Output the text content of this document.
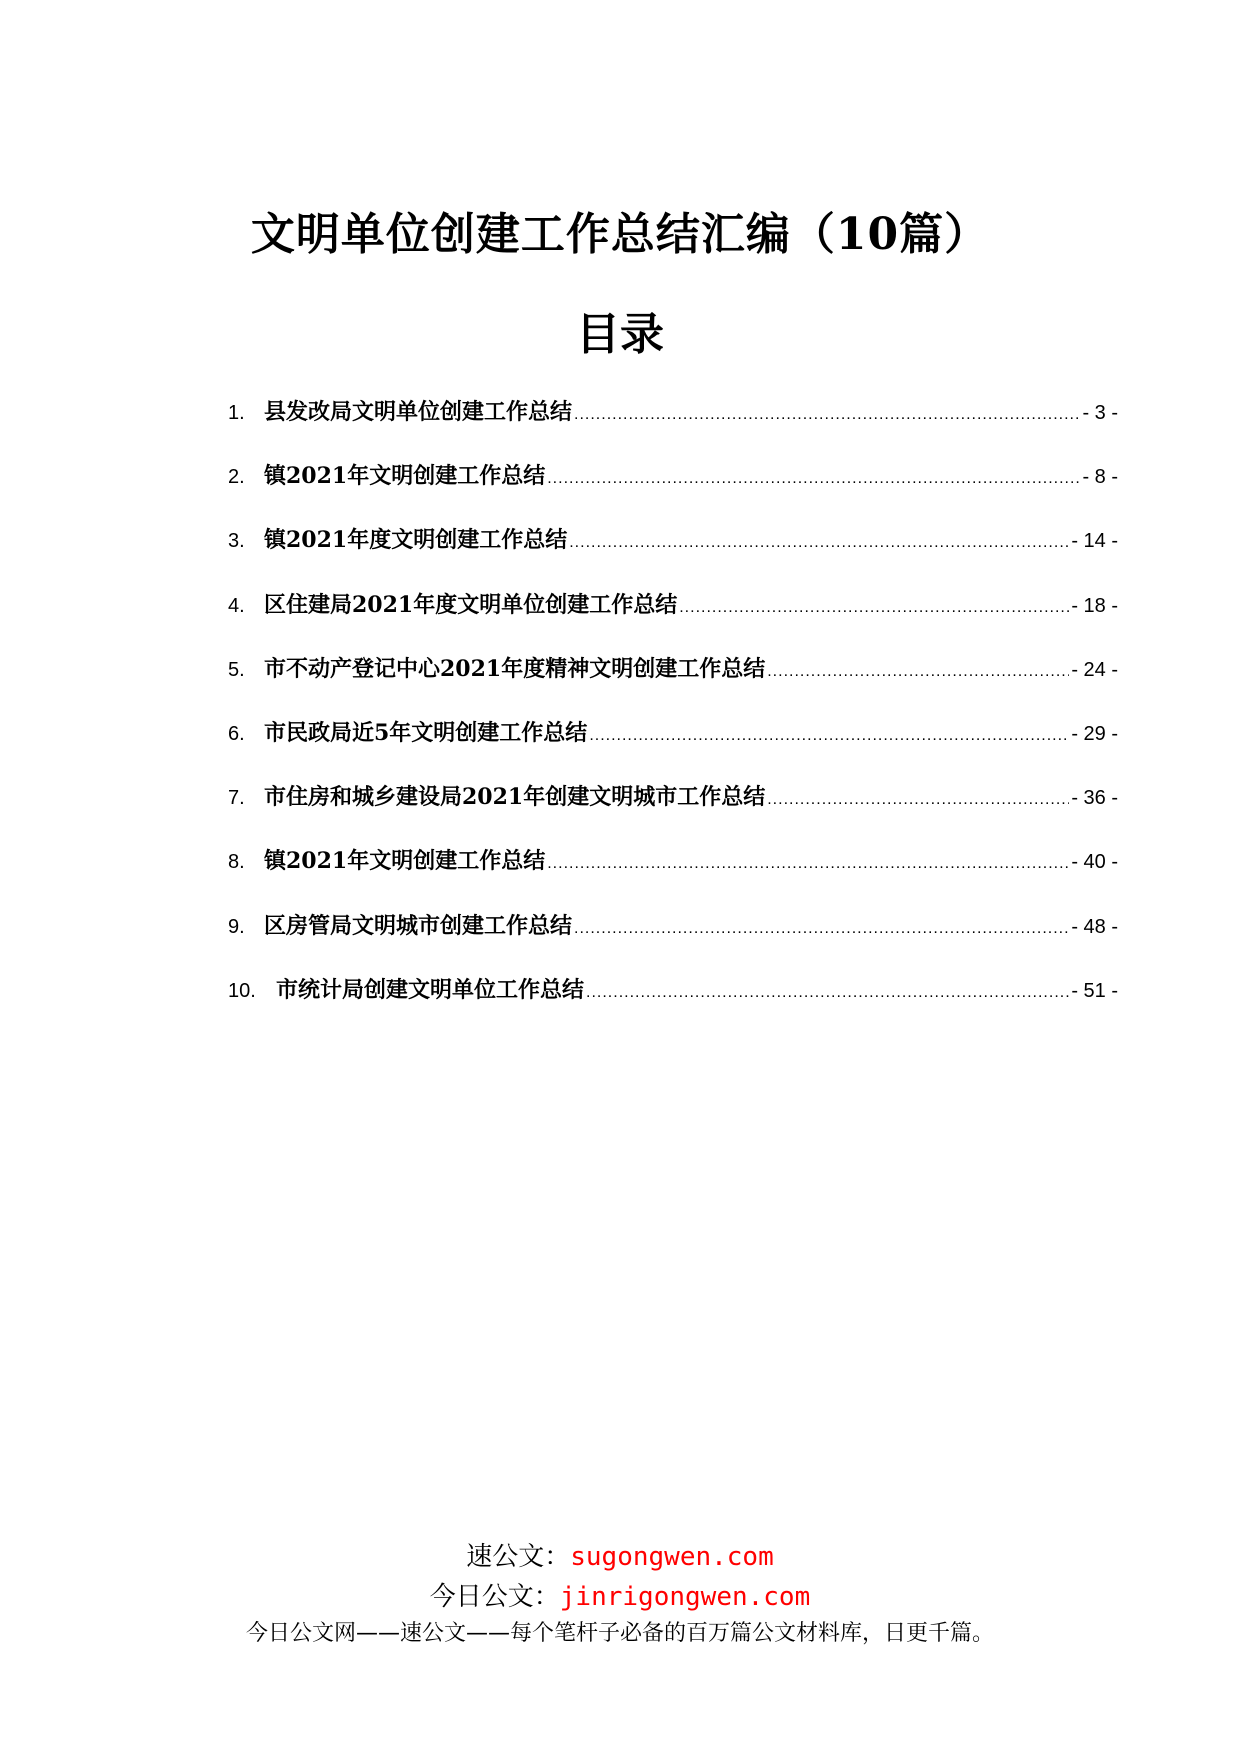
文明单位创建工作总结汇编（10篇）
目录
1. 县发改局文明单位创建工作总结 .....	- 3 -
2. 镇2021年文明创建工作总结 .....	- 8 -
3. 镇2021年度文明创建工作总结 .....	- 14 -
4. 区住建局2021年度文明单位创建工作总结 .....	- 18 -
5. 市不动产登记中心2021年度精神文明创建工作总结 .....	- 24 -
6. 市民政局近5年文明创建工作总结 .....	- 29 -
7. 市住房和城乡建设局2021年创建文明城市工作总结 .....	- 36 -
8. 镇2021年文明创建工作总结 .....	- 40 -
9. 区房管局文明城市创建工作总结 .....	- 48 -
10. 市统计局创建文明单位工作总结 .....	- 51 -
速公文：sugongwen.com
今日公文：jinrigongwen.com
今日公文网——速公文——每个笔杆子必备的百万篇公文材料库，日更千篇。
